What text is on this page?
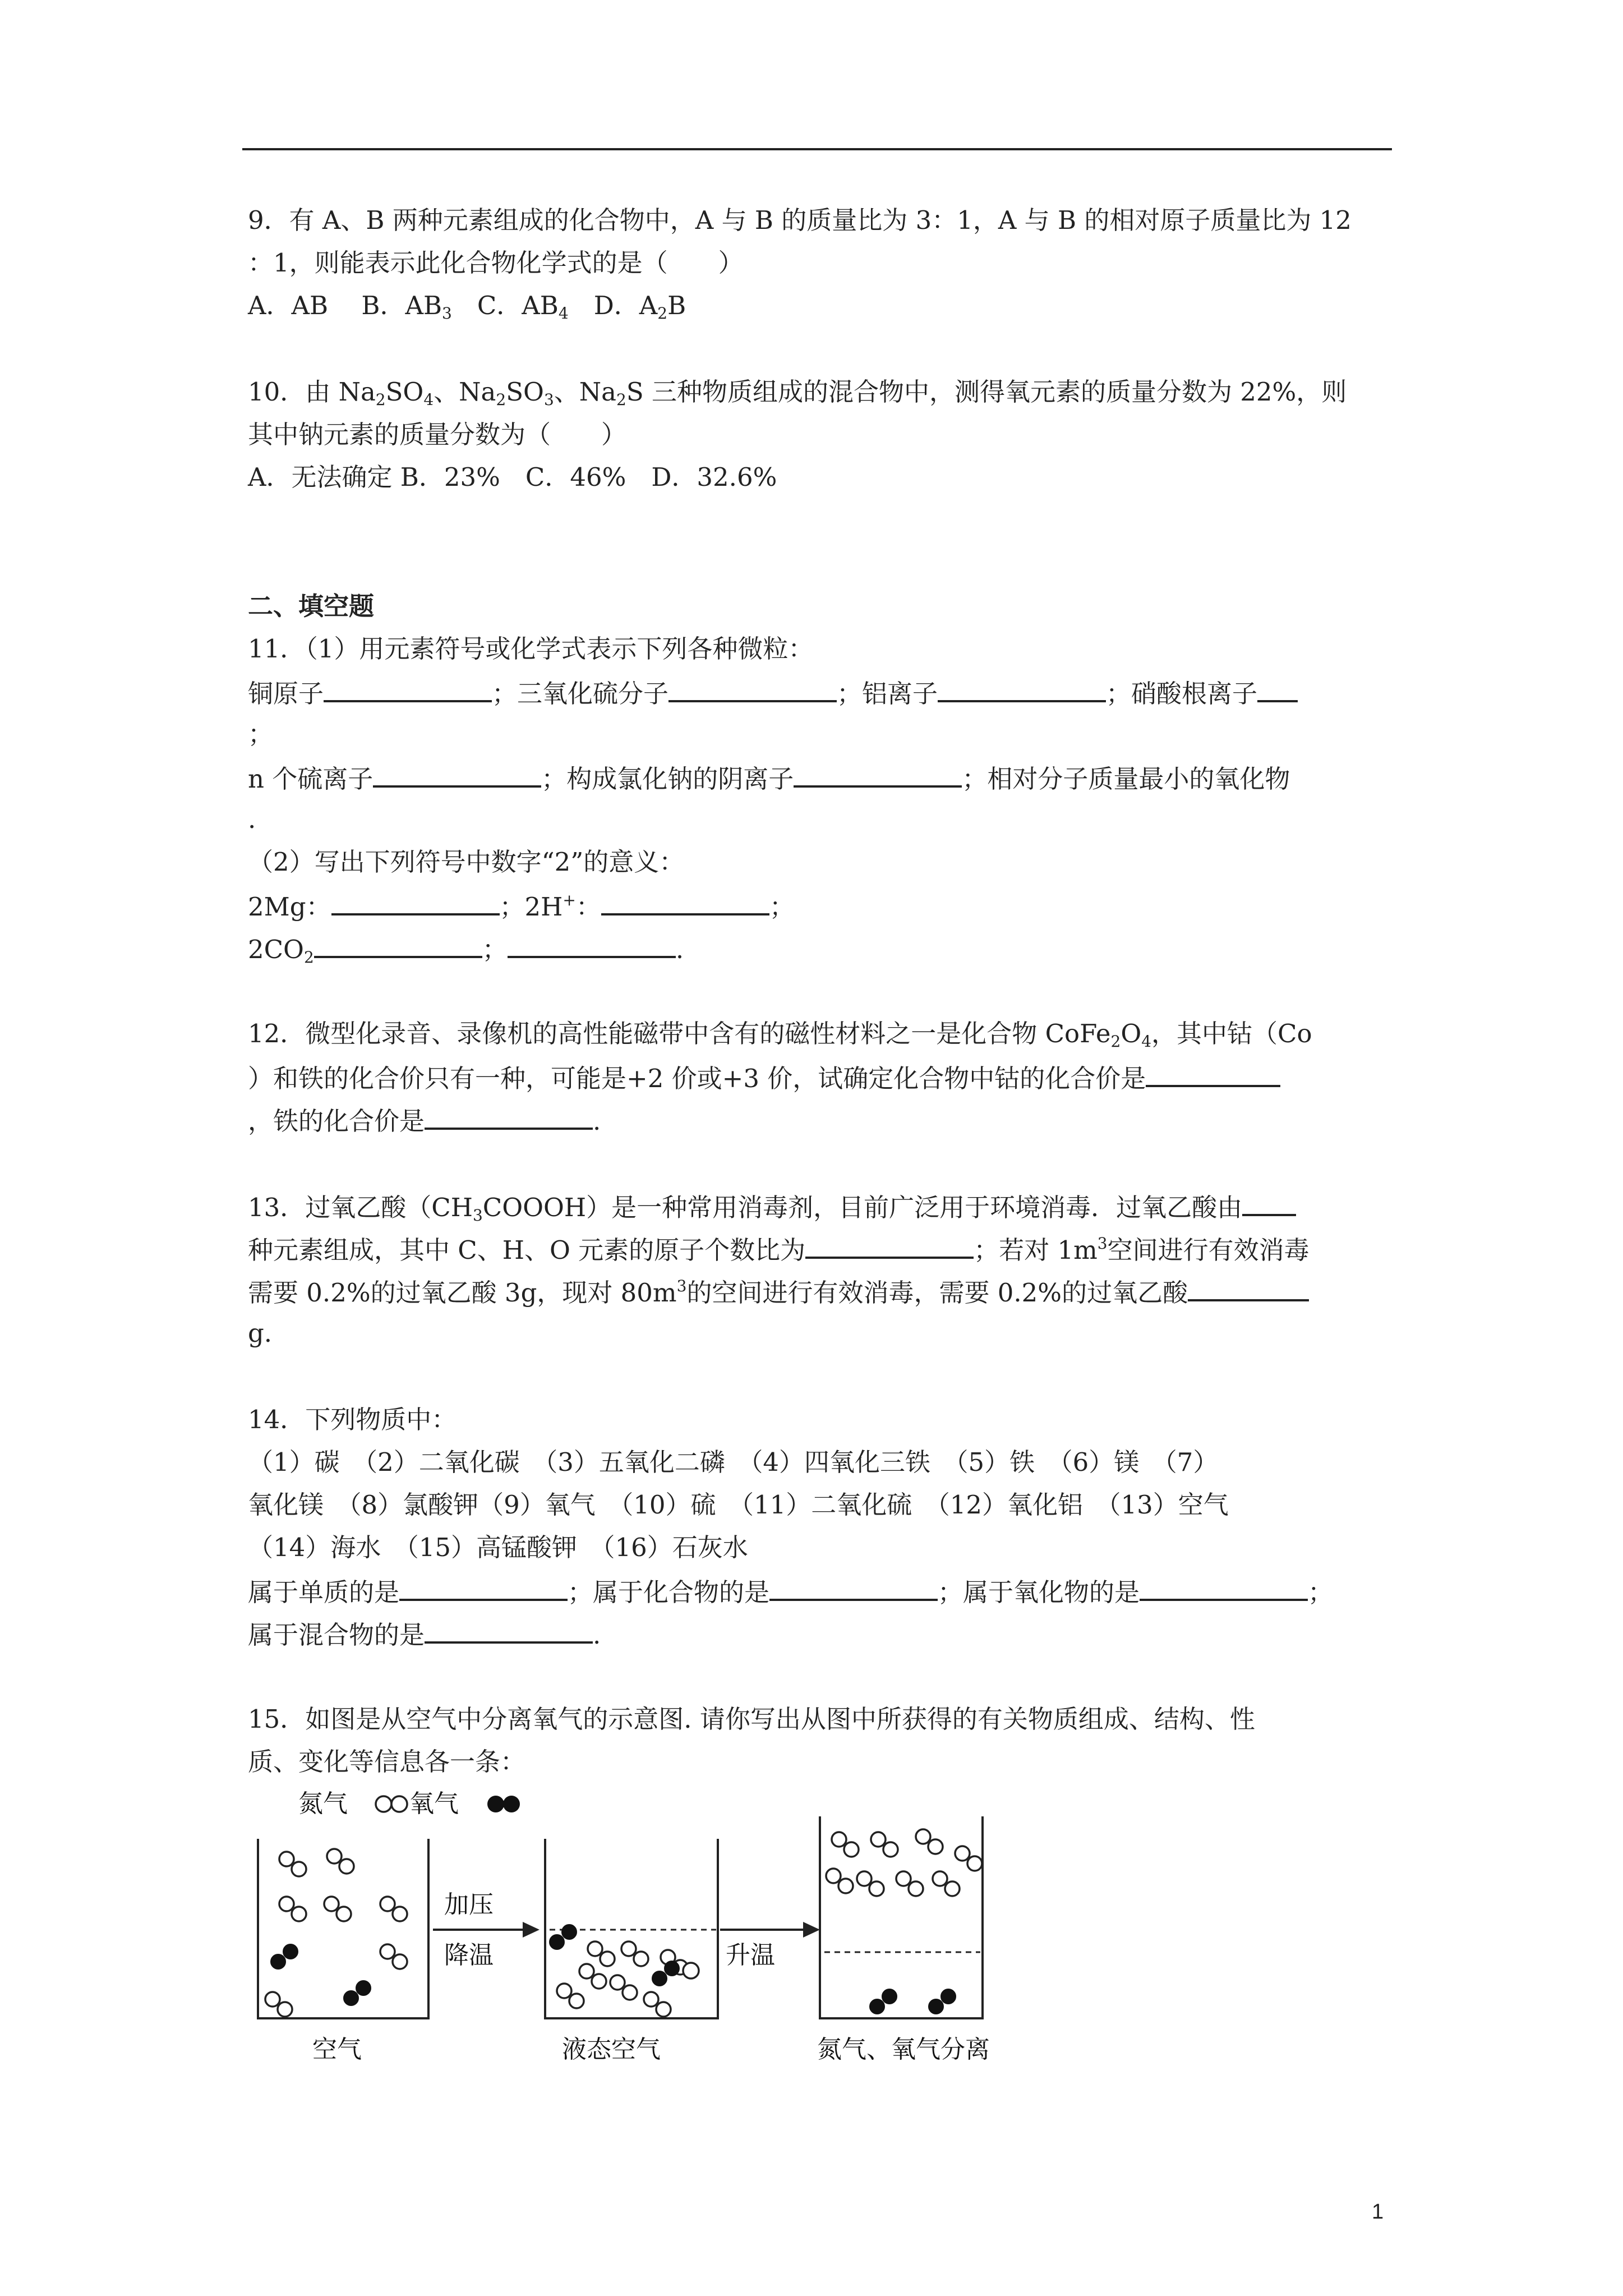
9．有 A、B 两种元素组成的化合物中，A 与 B 的质量比为 3：1，A 与 B 的相对原子质量比为 12
：1，则能表示此化合物化学式的是（　　）
A．AB　 B．$AB_3$　 C．$AB_4$　 D．$A_2B$
10．由 $Na_2SO_4$、$Na_2SO_3$、$Na_2S$ 三种物质组成的混合物中，测得氧元素的质量分数为 22%，则
其中钠元素的质量分数为（　　）
A．无法确定 B．23%　C．46%　D．32.6%
二、填空题
11．（1）用元素符号或化学式表示下列各种微粒：
铜原子	；三氧化硫分子	；铝离子	；硝酸根离子
；
n 个硫离子	；构成氯化钠的阴离子	；相对分子质量最小的氧化物
.
（2）写出下列符号中数字“2”的意义：
2Mg：	；2H+：	；
$2CO_2$	；	.
12．微型化录音、录像机的高性能磁带中含有的磁性材料之一是化合物 $CoFe_2O_4$，其中钴（Co
）和铁的化合价只有一种，可能是+2 价或+3 价，试确定化合物中钴的化合价是
，铁的化合价是	.
13．过氧乙酸$(CH_3COOOH)$是一种常用消毒剂，目前广泛用于环境消毒．过氧乙酸由
种元素组成，其中 C、H、O 元素的原子个数比为	；若对 $1m^3$空间进行有效消毒
需要 0.2%的过氧乙酸 3g，现对 $80m^3$的空间进行有效消毒，需要 0.2%的过氧乙酸
g.
14．下列物质中：
（1）碳　（2）二氧化碳　（3）五氧化二磷　（4）四氧化三铁　（5）铁　（6）镁　（7）
氧化镁　（8）氯酸钾（9）氧气　（10）硫　（11）二氧化硫　（12）氧化铝　（13）空气
（14）海水　（15）高锰酸钾　（16）石灰水
属于单质的是	；属于化合物的是	；属于氧化物的是	；
属于混合物的是	.
15．如图是从空气中分离氧气的示意图. 请你写出从图中所获得的有关物质组成、结构、性
质、变化等信息各一条：
氮气	氧气
加压
降温	升温
空气	液态空气	氮气、氧气分离
1
